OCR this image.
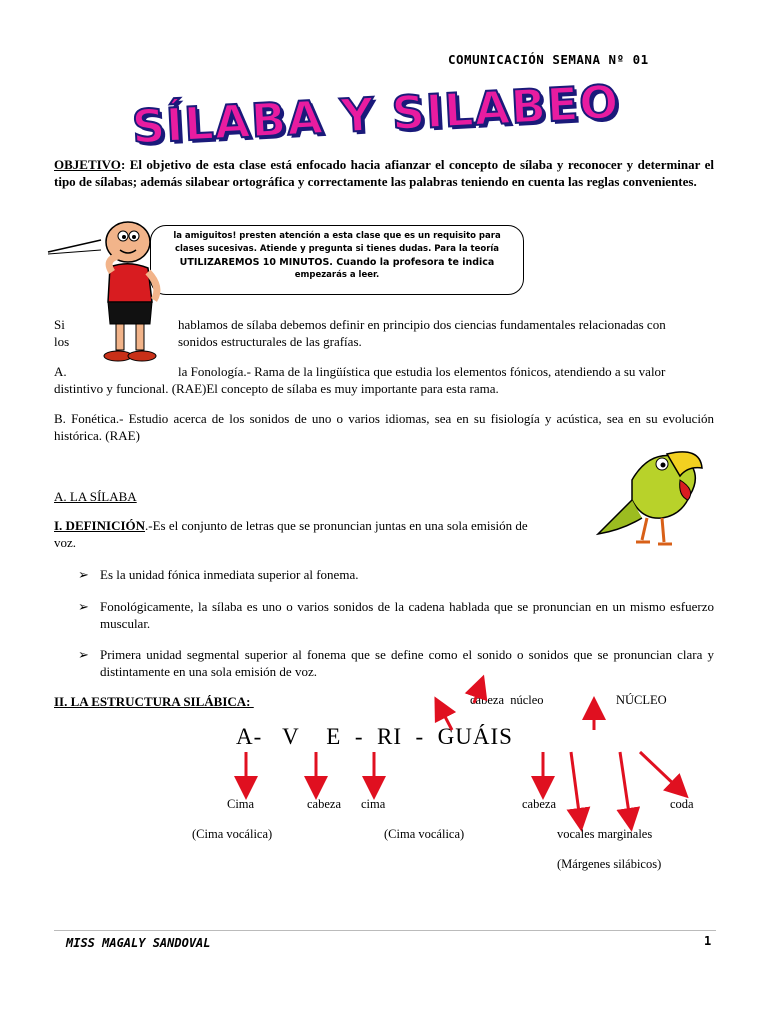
COMUNICACIÓN SEMANA Nº 01
SÍLABA Y SILABEO
OBJETIVO: El objetivo de esta clase está enfocado hacia afianzar el concepto de sílaba y reconocer y determinar el tipo de sílabas; además silabear ortográfica y correctamente las palabras teniendo en cuenta las reglas convenientes.
la amiguitos! presten atención a esta clase que es un requisito para
clases sucesivas. Atiende y pregunta si tienes dudas. Para la teoría
UTILIZAREMOS 10 MINUTOS. Cuando la profesora te indica
empezarás a leer.
Si	hablamos de sílaba debemos definir en principio dos ciencias fundamentales relacionadas con
los	sonidos estructurales de las grafías.
A.	la Fonología.- Rama de la lingüística que estudia los elementos fónicos, atendiendo a su valor
distintivo y funcional. (RAE)El concepto de sílaba es muy importante para esta rama.
B. Fonética.- Estudio acerca de los sonidos de uno o varios idiomas, sea en su fisiología y acústica, sea en su evolución histórica. (RAE)
A. LA SÍLABA
I. DEFINICIÓN.-Es el conjunto de letras que se pronuncian juntas en una sola emisión de
voz.
➢ Es la unidad fónica inmediata superior al fonema.
➢ Fonológicamente, la sílaba es uno o varios sonidos de la cadena hablada que se pronuncian en un mismo esfuerzo muscular.
➢ Primera unidad segmental superior al fonema que se define como el sonido o sonidos que se pronuncian clara y distintamente en una sola emisión de voz.
II. LA ESTRUCTURA SILÁBICA:	cabeza  núcleo	NÚCLEO
A-   V    E  -  RI  -  GUÁIS
Cima	cabeza cima	cabeza	coda
(Cima vocálica)	(Cima vocálica)	vocales marginales
(Márgenes silábicos)
MISS MAGALY SANDOVAL	1
